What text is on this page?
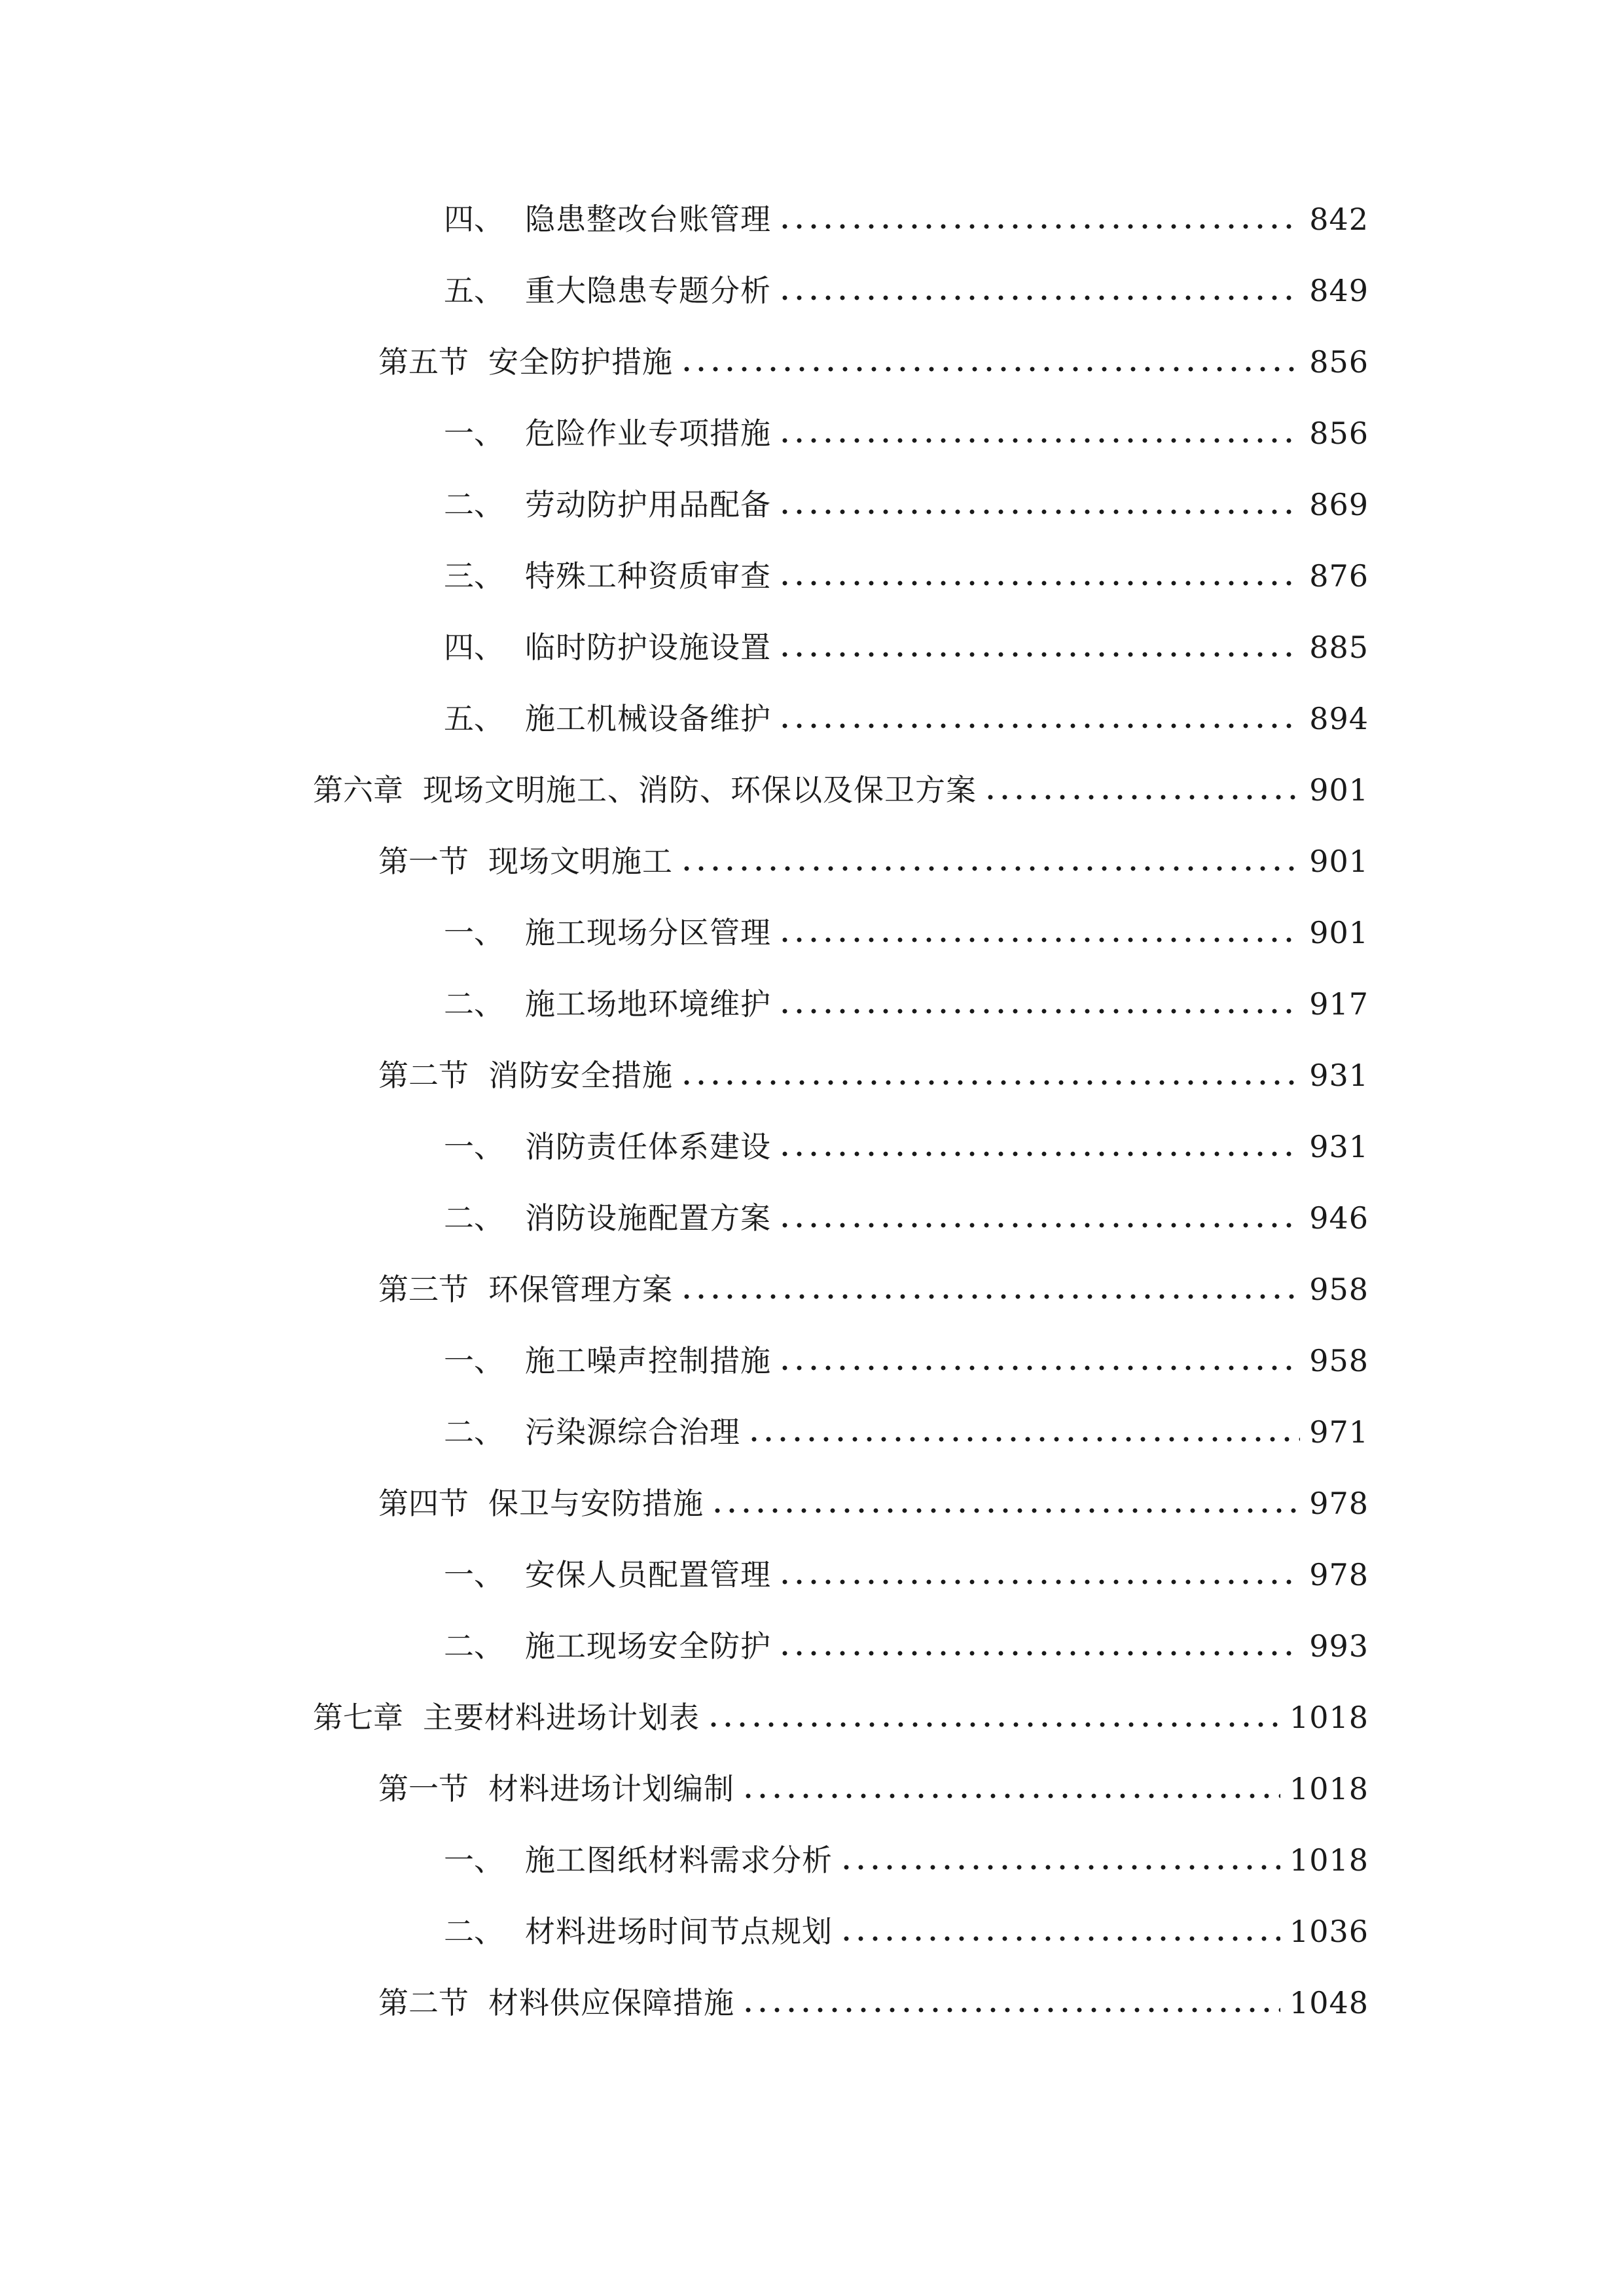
四、 隐患整改台账管理	842
五、 重大隐患专题分析	849
第五节 安全防护措施	856
一、 危险作业专项措施	856
二、 劳动防护用品配备	869
三、 特殊工种资质审查	876
四、 临时防护设施设置	885
五、 施工机械设备维护	894
第六章 现场文明施工、消防、环保以及保卫方案	901
第一节 现场文明施工	901
一、 施工现场分区管理	901
二、 施工场地环境维护	917
第二节 消防安全措施	931
一、 消防责任体系建设	931
二、 消防设施配置方案	946
第三节 环保管理方案	958
一、 施工噪声控制措施	958
二、 污染源综合治理	971
第四节 保卫与安防措施	978
一、 安保人员配置管理	978
二、 施工现场安全防护	993
第七章 主要材料进场计划表	1018
第一节 材料进场计划编制	1018
一、 施工图纸材料需求分析	1018
二、 材料进场时间节点规划	1036
第二节 材料供应保障措施	1048
